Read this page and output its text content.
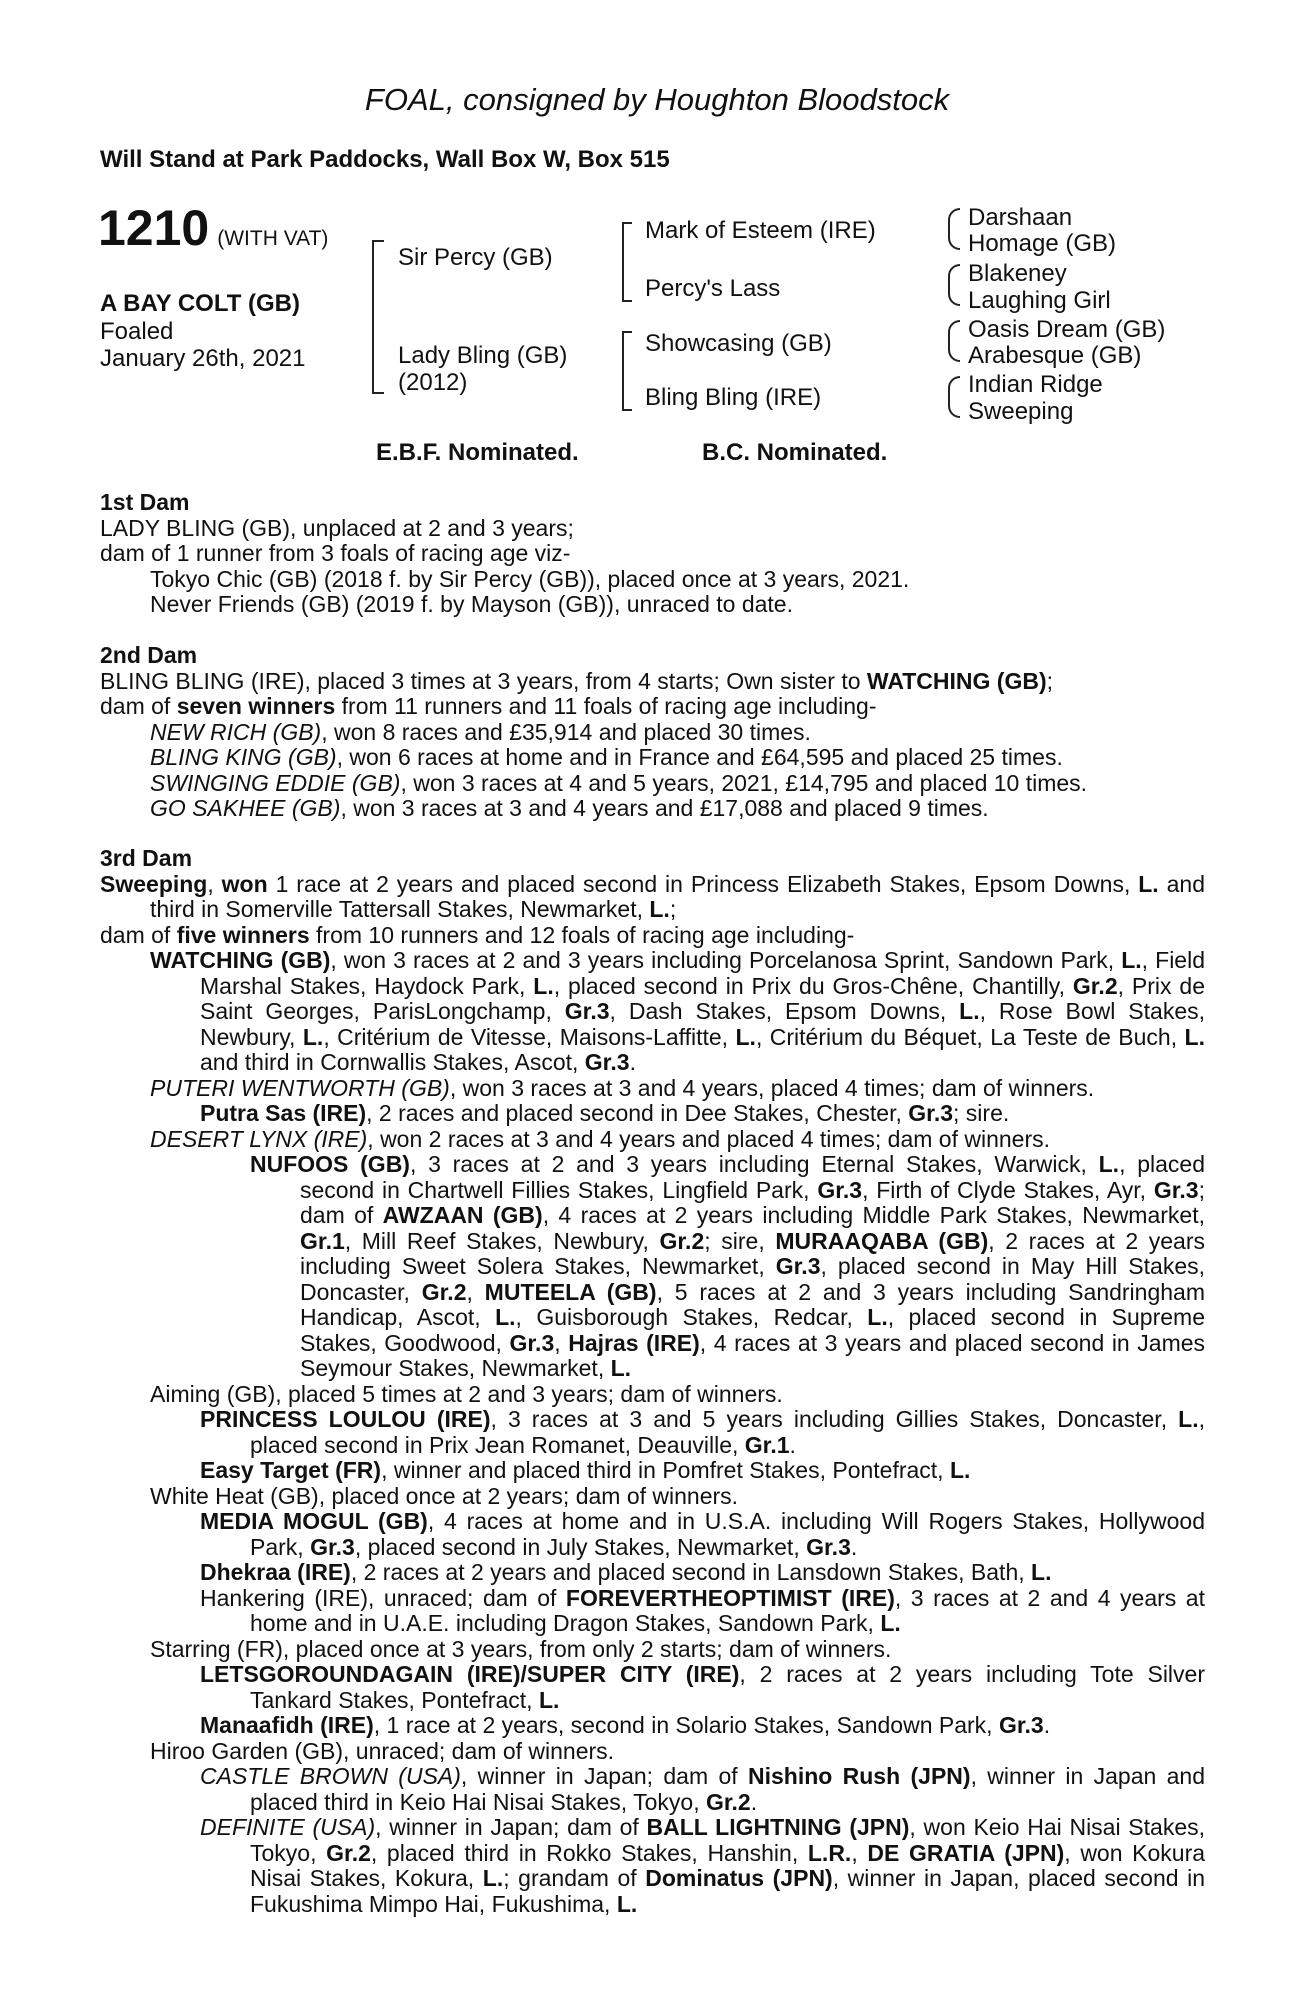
FOAL, consigned by Houghton Bloodstock
Will Stand at Park Paddocks, Wall Box W, Box 515
1210 (WITH VAT)
A BAY COLT (GB)
Foaled
January 26th, 2021
Sir Percy (GB)
Lady Bling (GB)
(2012)
Mark of Esteem (IRE)
Percy's Lass
Showcasing (GB)
Bling Bling (IRE)
Darshaan
Homage (GB)
Blakeney
Laughing Girl
Oasis Dream (GB)
Arabesque (GB)
Indian Ridge
Sweeping
E.B.F. Nominated.	B.C. Nominated.

1st Dam

LADY BLING (GB), unplaced at 2 and 3 years;

dam of 1 runner from 3 foals of racing age viz-

Tokyo Chic (GB) (2018 f. by Sir Percy (GB)), placed once at 3 years, 2021.

Never Friends (GB) (2019 f. by Mayson (GB)), unraced to date.

2nd Dam

BLING BLING (IRE), placed 3 times at 3 years, from 4 starts; Own sister to WATCHING (GB);

dam of seven winners from 11 runners and 11 foals of racing age including-

NEW RICH (GB), won 8 races and £35,914 and placed 30 times.

BLING KING (GB), won 6 races at home and in France and £64,595 and placed 25 times.

SWINGING EDDIE (GB), won 3 races at 4 and 5 years, 2021, £14,795 and placed 10 times.

GO SAKHEE (GB), won 3 races at 3 and 4 years and £17,088 and placed 9 times.

3rd Dam

Sweeping, won 1 race at 2 years and placed second in Princess Elizabeth Stakes, Epsom Downs, L. and third in Somerville Tattersall Stakes, Newmarket, L.;

dam of five winners from 10 runners and 12 foals of racing age including-

WATCHING (GB), won 3 races at 2 and 3 years including Porcelanosa Sprint, Sandown Park, L., Field Marshal Stakes, Haydock Park, L., placed second in Prix du Gros-Chêne, Chantilly, Gr.2, Prix de Saint Georges, ParisLongchamp, Gr.3, Dash Stakes, Epsom Downs, L., Rose Bowl Stakes, Newbury, L., Critérium de Vitesse, Maisons-Laffitte, L., Critérium du Béquet, La Teste de Buch, L. and third in Cornwallis Stakes, Ascot, Gr.3.

PUTERI WENTWORTH (GB), won 3 races at 3 and 4 years, placed 4 times; dam of winners.

Putra Sas (IRE), 2 races and placed second in Dee Stakes, Chester, Gr.3; sire.

DESERT LYNX (IRE), won 2 races at 3 and 4 years and placed 4 times; dam of winners.

NUFOOS (GB), 3 races at 2 and 3 years including Eternal Stakes, Warwick, L., placed second in Chartwell Fillies Stakes, Lingfield Park, Gr.3, Firth of Clyde Stakes, Ayr, Gr.3; dam of AWZAAN (GB), 4 races at 2 years including Middle Park Stakes, Newmarket, Gr.1, Mill Reef Stakes, Newbury, Gr.2; sire, MURAAQABA (GB), 2 races at 2 years including Sweet Solera Stakes, Newmarket, Gr.3, placed second in May Hill Stakes, Doncaster, Gr.2, MUTEELA (GB), 5 races at 2 and 3 years including Sandringham Handicap, Ascot, L., Guisborough Stakes, Redcar, L., placed second in Supreme Stakes, Goodwood, Gr.3, Hajras (IRE), 4 races at 3 years and placed second in James Seymour Stakes, Newmarket, L.

Aiming (GB), placed 5 times at 2 and 3 years; dam of winners.

PRINCESS LOULOU (IRE), 3 races at 3 and 5 years including Gillies Stakes, Doncaster, L., placed second in Prix Jean Romanet, Deauville, Gr.1.

Easy Target (FR), winner and placed third in Pomfret Stakes, Pontefract, L.

White Heat (GB), placed once at 2 years; dam of winners.

MEDIA MOGUL (GB), 4 races at home and in U.S.A. including Will Rogers Stakes, Hollywood Park, Gr.3, placed second in July Stakes, Newmarket, Gr.3.

Dhekraa (IRE), 2 races at 2 years and placed second in Lansdown Stakes, Bath, L.

Hankering (IRE), unraced; dam of FOREVERTHEOPTIMIST (IRE), 3 races at 2 and 4 years at home and in U.A.E. including Dragon Stakes, Sandown Park, L.

Starring (FR), placed once at 3 years, from only 2 starts; dam of winners.

LETSGOROUNDAGAIN (IRE)/SUPER CITY (IRE), 2 races at 2 years including Tote Silver Tankard Stakes, Pontefract, L.

Manaafidh (IRE), 1 race at 2 years, second in Solario Stakes, Sandown Park, Gr.3.

Hiroo Garden (GB), unraced; dam of winners.

CASTLE BROWN (USA), winner in Japan; dam of Nishino Rush (JPN), winner in Japan and placed third in Keio Hai Nisai Stakes, Tokyo, Gr.2.

DEFINITE (USA), winner in Japan; dam of BALL LIGHTNING (JPN), won Keio Hai Nisai Stakes, Tokyo, Gr.2, placed third in Rokko Stakes, Hanshin, L.R., DE GRATIA (JPN), won Kokura Nisai Stakes, Kokura, L.; grandam of Dominatus (JPN), winner in Japan, placed second in Fukushima Mimpo Hai, Fukushima, L.
